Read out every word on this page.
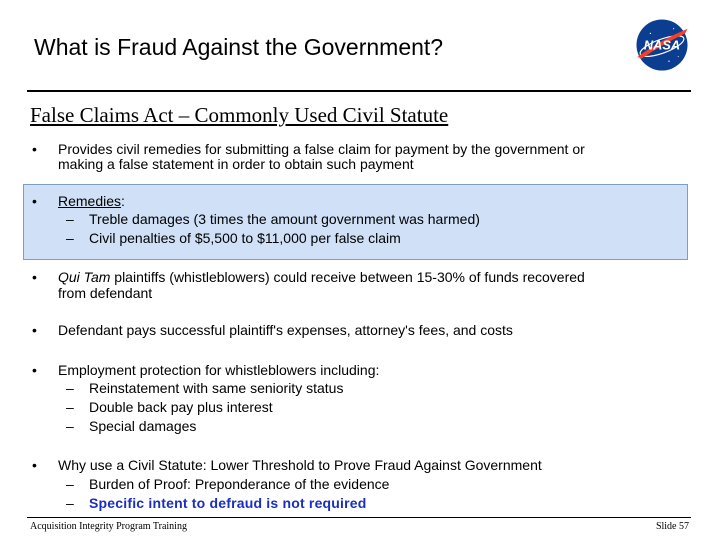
What is Fraud Against the Government?	NASA
False Claims Act – Commonly Used Civil Statute
• Provides civil remedies for submitting a false claim for payment by the government or
making a false statement in order to obtain such payment
• Remedies:
– Treble damages (3 times the amount government was harmed)
– Civil penalties of $5,500 to $11,000 per false claim
• Qui Tam plaintiffs (whistleblowers) could receive between 15-30% of funds recovered
from defendant
• Defendant pays successful plaintiff's expenses, attorney's fees, and costs
• Employment protection for whistleblowers including:
– Reinstatement with same seniority status
– Double back pay plus interest
– Special damages
• Why use a Civil Statute: Lower Threshold to Prove Fraud Against Government
– Burden of Proof: Preponderance of the evidence
– Specific intent to defraud is not required
Acquisition Integrity Program Training	Slide 57
